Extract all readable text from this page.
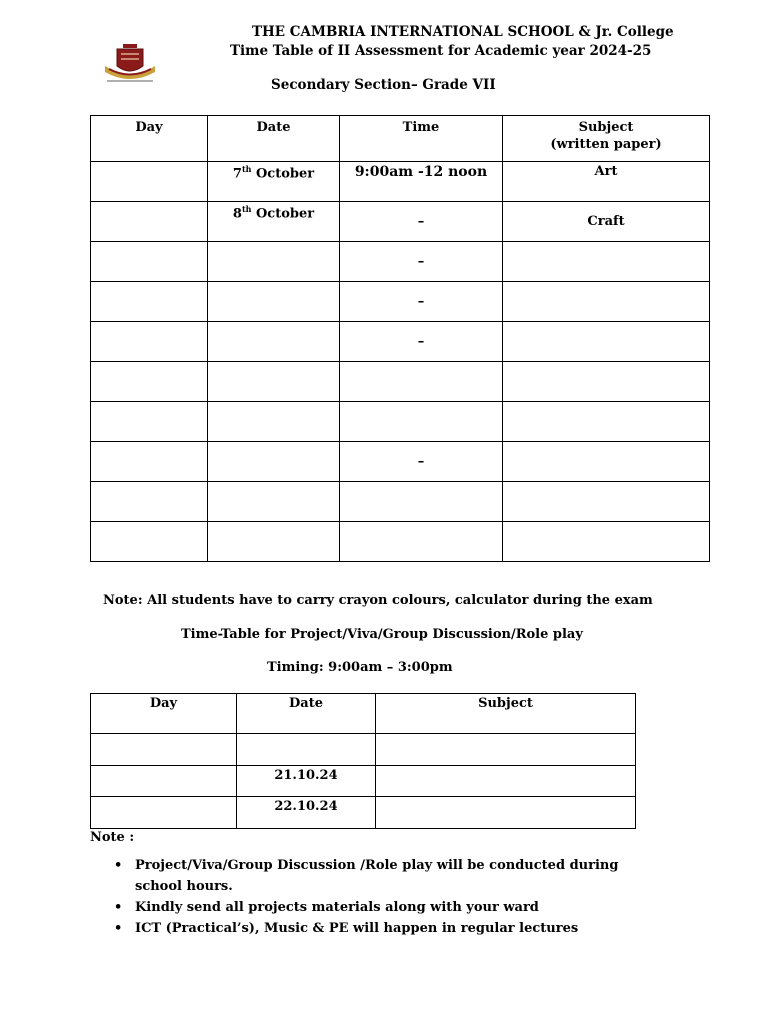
THE CAMBRIA INTERNATIONAL SCHOOL & Jr. College
Time Table of II Assessment for Academic year 2024-25
Secondary Section– Grade VII
Day	Date	Time	Subject
(written paper)
	7th October	9:00am -12 noon	Art
	8th October	–	Craft
		–	
		–	
		–	

		–	

Note: All students have to carry crayon colours, calculator during the exam
Time-Table for Project/Viva/Group Discussion/Role play
Timing: 9:00am – 3:00pm
Day	Date	Subject

	21.10.24	
	22.10.24	
Note :
• Project/Viva/Group Discussion /Role play will be conducted during school hours.
• Kindly send all projects materials along with your ward
• ICT (Practical’s), Music & PE will happen in regular lectures
